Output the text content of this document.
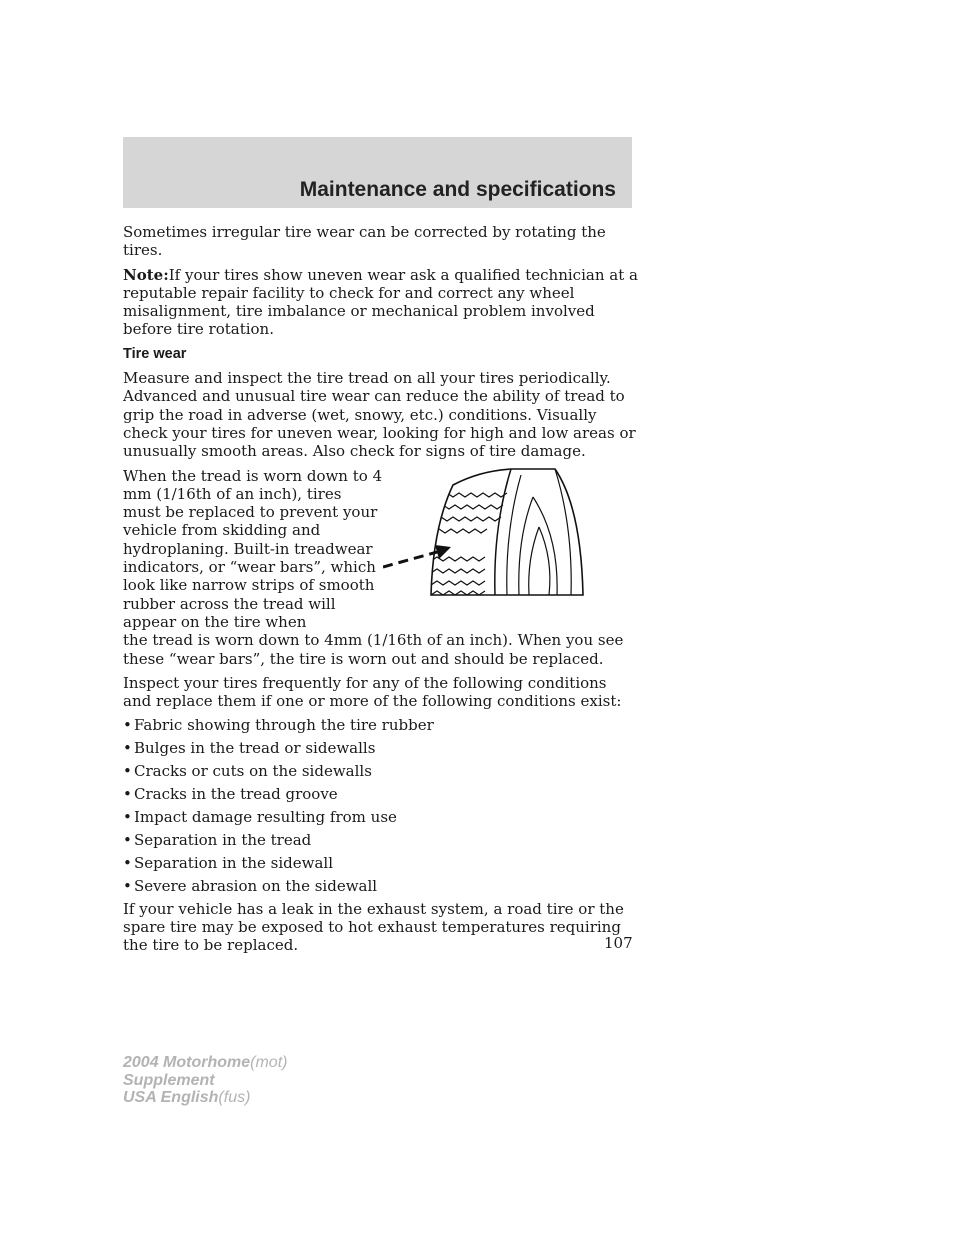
Maintenance and specifications

Sometimes irregular tire wear can be corrected by rotating the tires.

Note:If your tires show uneven wear ask a qualified technician at a reputable repair facility to check for and correct any wheel misalignment, tire imbalance or mechanical problem involved before tire rotation.

Tire wear

Measure and inspect the tire tread on all your tires periodically. Advanced and unusual tire wear can reduce the ability of tread to grip the road in adverse (wet, snowy, etc.) conditions. Visually check your tires for uneven wear, looking for high and low areas or unusually smooth areas. Also check for signs of tire damage.

When the tread is worn down to 4 mm (1/16th of an inch), tires must be replaced to prevent your vehicle from skidding and hydroplaning. Built-in treadwear indicators, or “wear bars”, which look like narrow strips of smooth rubber across the tread will appear on the tire when

the tread is worn down to 4mm (1/16th of an inch). When you see these “wear bars”, the tire is worn out and should be replaced.

Inspect your tires frequently for any of the following conditions and replace them if one or more of the following conditions exist:

• Fabric showing through the tire rubber
• Bulges in the tread or sidewalls
• Cracks or cuts on the sidewalls
• Cracks in the tread groove
• Impact damage resulting from use
• Separation in the tread
• Separation in the sidewall
• Severe abrasion on the sidewall

If your vehicle has a leak in the exhaust system, a road tire or the spare tire may be exposed to hot exhaust temperatures requiring the tire to be replaced.	107
2004 Motorhome(mot)
Supplement
USA English(fus)
